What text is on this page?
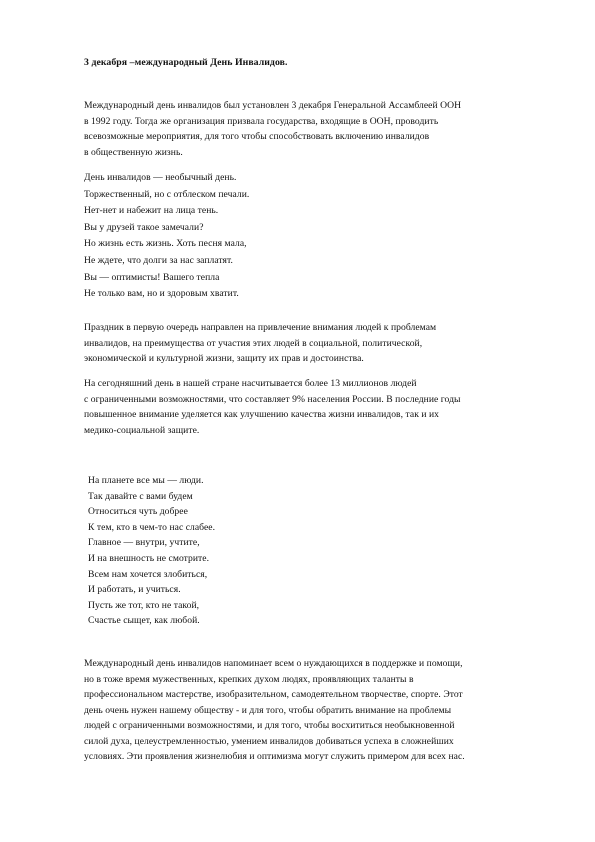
3 декабря –международный День Инвалидов.
Международный день инвалидов был установлен 3 декабря Генеральной Ассамблеей ООН
в 1992 году. Тогда же организация призвала государства, входящие в ООН, проводить
всевозможные мероприятия, для того чтобы способствовать включению инвалидов
в общественную жизнь.
День инвалидов — необычный день.
Торжественный, но с отблеском печали.
Нет-нет и набежит на лица тень.
Вы у друзей такое замечали?
Но жизнь есть жизнь. Хоть песня мала,
Не ждете, что долги за нас заплатят.
Вы — оптимисты! Вашего тепла
Не только вам, но и здоровым хватит.
Праздник в первую очередь направлен на привлечение внимания людей к проблемам
инвалидов, на преимущества от участия этих людей в социальной, политической,
экономической и культурной жизни, защиту их прав и достоинства.
На сегодняшний день в нашей стране насчитывается более 13 миллионов людей
с ограниченными возможностями, что составляет 9% населения России. В последние годы
повышенное внимание уделяется как улучшению качества жизни инвалидов, так и их
медико-социальной защите.
На планете все мы — люди.
Так давайте с вами будем
Относиться чуть добрее
К тем, кто в чем-то нас слабее.
Главное — внутри, учтите,
И на внешность не смотрите.
Всем нам хочется злобиться,
И работать, и учиться.
Пусть же тот, кто не такой,
Счастье сыщет, как любой.
Международный день инвалидов напоминает всем о нуждающихся в поддержке и помощи,
но в тоже время мужественных, крепких духом людях, проявляющих таланты в
профессиональном мастерстве, изобразительном, самодеятельном творчестве, спорте. Этот
день очень нужен нашему обществу - и для того, чтобы обратить внимание на проблемы
людей с ограниченными возможностями, и для того, чтобы восхититься необыкновенной
силой духа, целеустремленностью, умением инвалидов добиваться успеха в сложнейших
условиях. Эти проявления жизнелюбия и оптимизма могут служить примером для всех нас.
